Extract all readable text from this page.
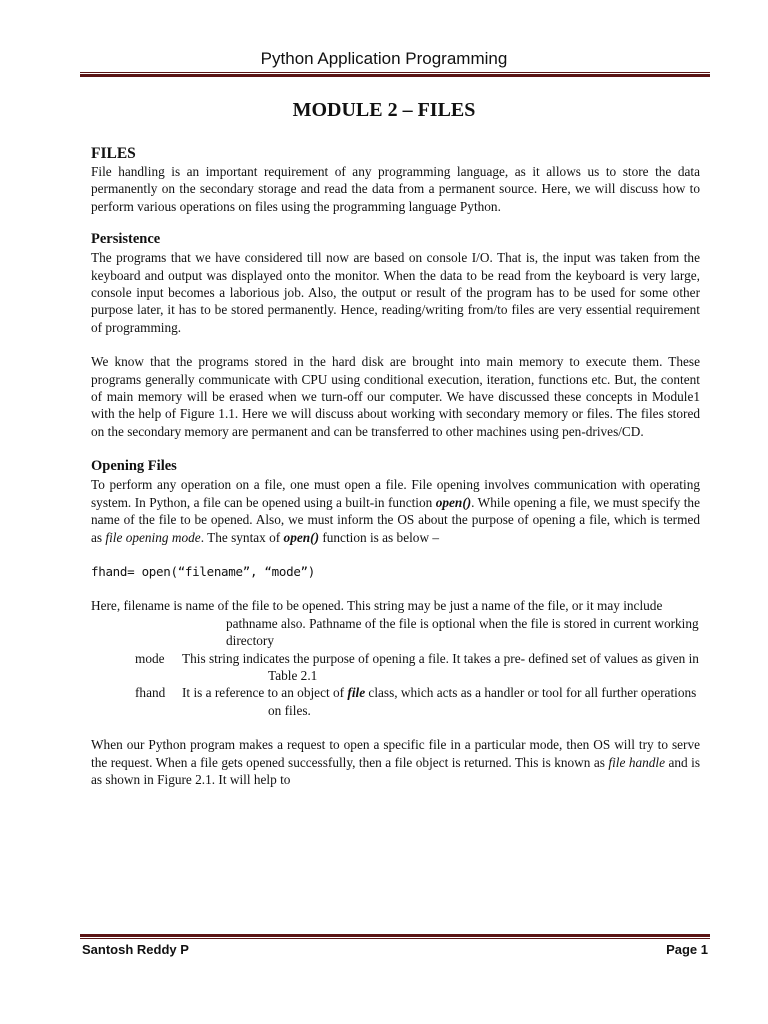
Python Application Programming
MODULE 2 – FILES

FILES

File handling is an important requirement of any programming language, as it allows us to store the data permanently on the secondary storage and read the data from a permanent source. Here, we will discuss how to perform various operations on files using the programming language Python.

Persistence

The programs that we have considered till now are based on console I/O. That is, the input was taken from the keyboard and output was displayed onto the monitor. When the data to be read from the keyboard is very large, console input becomes a laborious job. Also, the output or result of the program has to be used for some other purpose later, it has to be stored permanently. Hence, reading/writing from/to files are very essential requirement of programming.

We know that the programs stored in the hard disk are brought into main memory to execute them. These programs generally communicate with CPU using conditional execution, iteration, functions etc. But, the content of main memory will be erased when we turn-off our computer. We have discussed these concepts in Module1 with the help of Figure 1.1. Here we will discuss about working with secondary memory or files. The files stored on the secondary memory are permanent and can be transferred to other machines using pen-drives/CD.

Opening Files

To perform any operation on a file, one must open a file. File opening involves communication with operating system. In Python, a file can be opened using a built-in function open(). While opening a file, we must specify the name of the file to be opened. Also, we must inform the OS about the purpose of opening a file, which is termed as file opening mode. The syntax of open() function is as below –

fhand= open(“filename”, “mode”)

Here, filename is name of the file to be opened. This string may be just a name of the file, or it may include pathname also. Pathname of the file is optional when the file is stored in current working directory

mode	This string indicates the purpose of opening a file. It takes a pre- defined set of values as given in Table 2.1
fhand	It is a reference to an object of file class, which acts as a handler or tool for all further operations on files.

When our Python program makes a request to open a specific file in a particular mode, then OS will try to serve the request. When a file gets opened successfully, then a file object is returned. This is known as file handle and is as shown in Figure 2.1. It will help to

Santosh Reddy P	Page 1
